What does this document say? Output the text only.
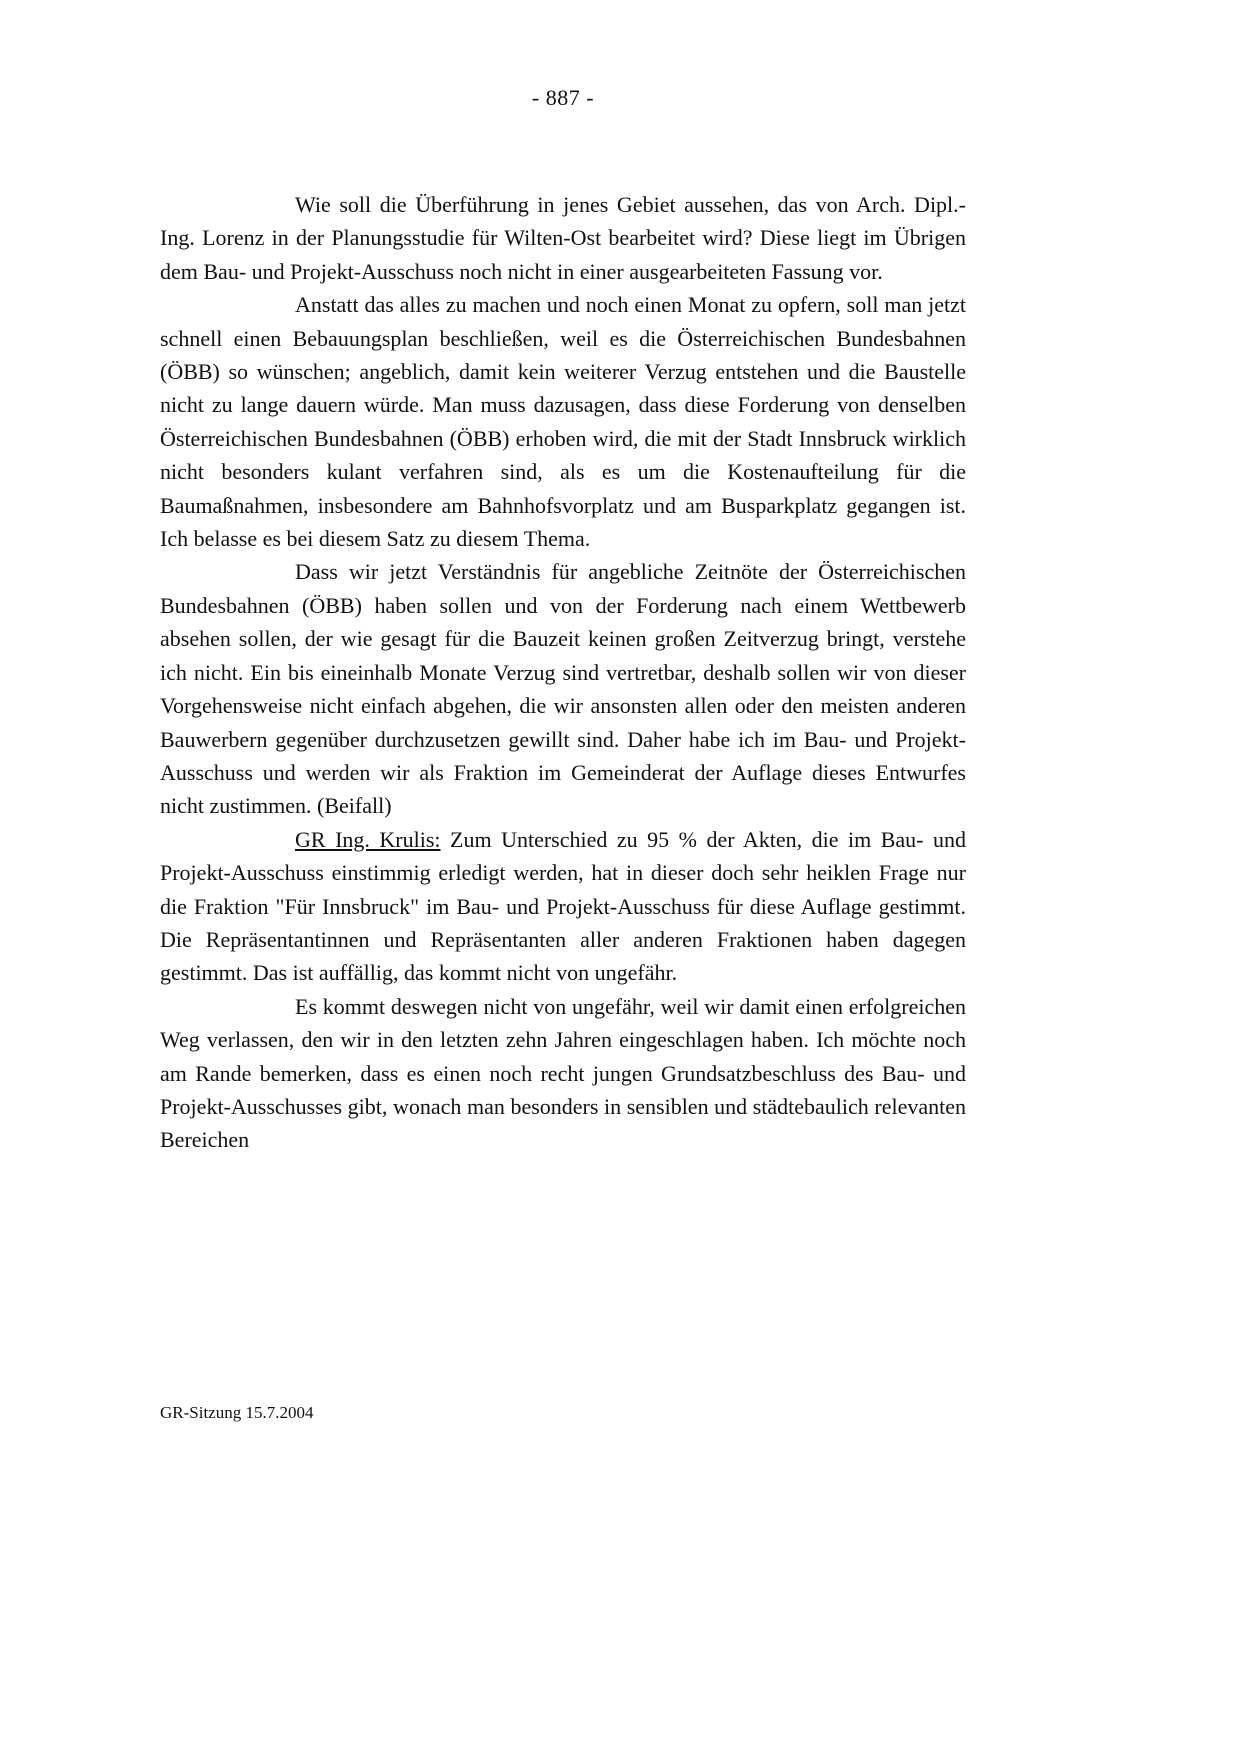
- 887 -

Wie soll die Überführung in jenes Gebiet aussehen, das von Arch. Dipl.-Ing. Lorenz in der Planungsstudie für Wilten-Ost bearbeitet wird? Diese liegt im Übrigen dem Bau- und Projekt-Ausschuss noch nicht in einer ausgearbeiteten Fassung vor.

Anstatt das alles zu machen und noch einen Monat zu opfern, soll man jetzt schnell einen Bebauungsplan beschließen, weil es die Österreichischen Bundesbahnen (ÖBB) so wünschen; angeblich, damit kein weiterer Verzug entstehen und die Baustelle nicht zu lange dauern würde. Man muss dazusagen, dass diese Forderung von denselben Österreichischen Bundesbahnen (ÖBB) erhoben wird, die mit der Stadt Innsbruck wirklich nicht besonders kulant verfahren sind, als es um die Kostenaufteilung für die Baumaßnahmen, insbesondere am Bahnhofsvorplatz und am Busparkplatz gegangen ist. Ich belasse es bei diesem Satz zu diesem Thema.

Dass wir jetzt Verständnis für angebliche Zeitnöte der Österreichischen Bundesbahnen (ÖBB) haben sollen und von der Forderung nach einem Wettbewerb absehen sollen, der wie gesagt für die Bauzeit keinen großen Zeitverzug bringt, verstehe ich nicht. Ein bis eineinhalb Monate Verzug sind vertretbar, deshalb sollen wir von dieser Vorgehensweise nicht einfach abgehen, die wir ansonsten allen oder den meisten anderen Bauwerbern gegenüber durchzusetzen gewillt sind. Daher habe ich im Bau- und Projekt-Ausschuss und werden wir als Fraktion im Gemeinderat der Auflage dieses Entwurfes nicht zustimmen. (Beifall)

GR Ing. Krulis: Zum Unterschied zu 95 % der Akten, die im Bau- und Projekt-Ausschuss einstimmig erledigt werden, hat in dieser doch sehr heiklen Frage nur die Fraktion "Für Innsbruck" im Bau- und Projekt-Ausschuss für diese Auflage gestimmt. Die Repräsentantinnen und Repräsentanten aller anderen Fraktionen haben dagegen gestimmt. Das ist auffällig, das kommt nicht von ungefähr.

Es kommt deswegen nicht von ungefähr, weil wir damit einen erfolgreichen Weg verlassen, den wir in den letzten zehn Jahren eingeschlagen haben. Ich möchte noch am Rande bemerken, dass es einen noch recht jungen Grundsatzbeschluss des Bau- und Projekt-Ausschusses gibt, wonach man besonders in sensiblen und städtebaulich relevanten Bereichen

GR-Sitzung 15.7.2004
